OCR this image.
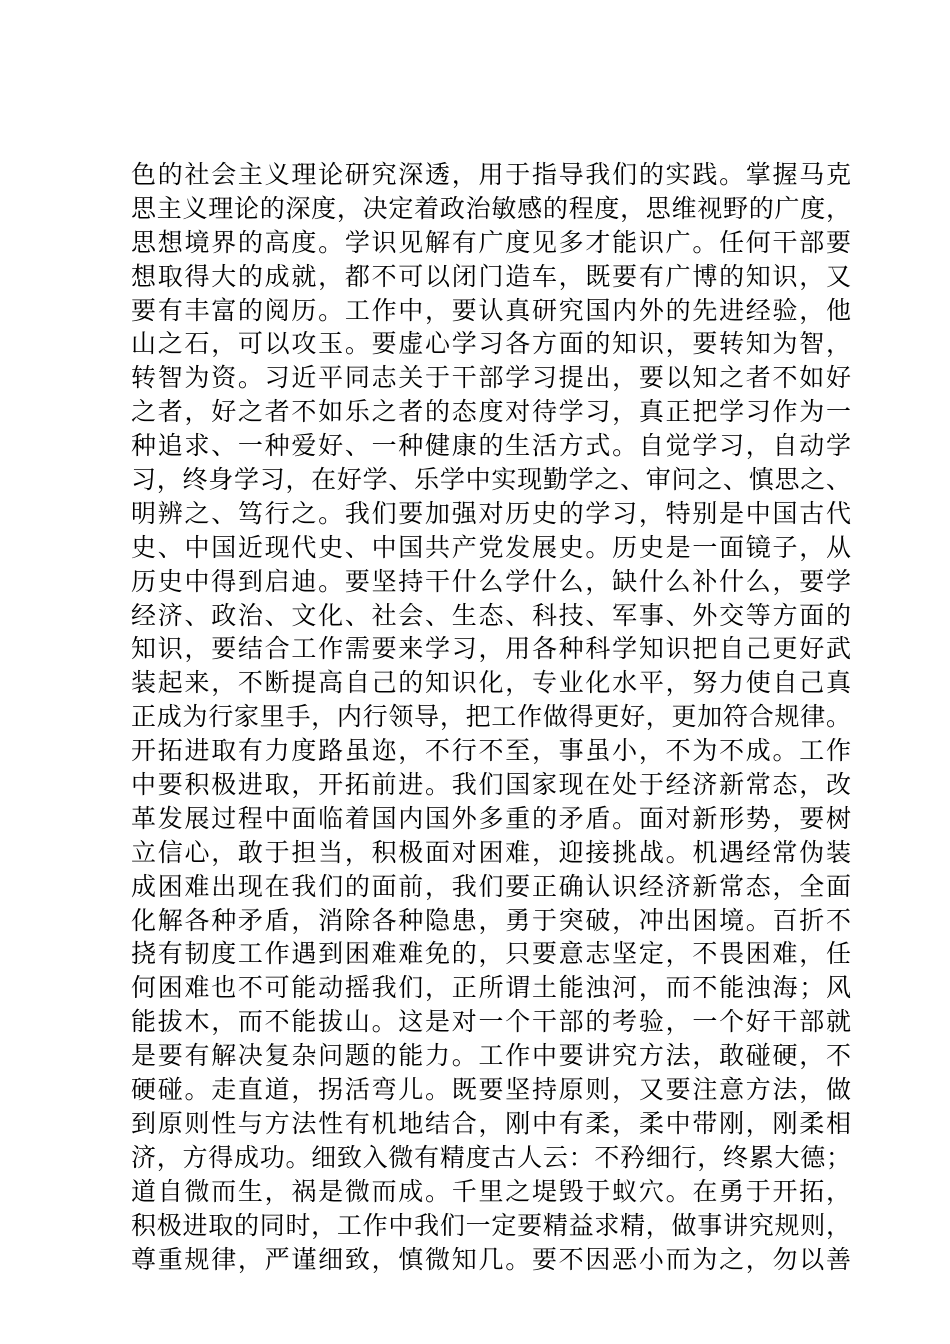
色的社会主义理论研究深透，用于指导我们的实践。掌握马克
思主义理论的深度，决定着政治敏感的程度，思维视野的广度，
思想境界的高度。学识见解有广度见多才能识广。任何干部要
想取得大的成就，都不可以闭门造车，既要有广博的知识，又
要有丰富的阅历。工作中，要认真研究国内外的先进经验，他
山之石，可以攻玉。要虚心学习各方面的知识，要转知为智，
转智为资。习近平同志关于干部学习提出，要以知之者不如好
之者，好之者不如乐之者的态度对待学习，真正把学习作为一
种追求、一种爱好、一种健康的生活方式。自觉学习，自动学
习，终身学习，在好学、乐学中实现勤学之、审问之、慎思之、
明辨之、笃行之。我们要加强对历史的学习，特别是中国古代
史、中国近现代史、中国共产党发展史。历史是一面镜子，从
历史中得到启迪。要坚持干什么学什么，缺什么补什么，要学
经济、政治、文化、社会、生态、科技、军事、外交等方面的
知识，要结合工作需要来学习，用各种科学知识把自己更好武
装起来，不断提高自己的知识化，专业化水平，努力使自己真
正成为行家里手，内行领导，把工作做得更好，更加符合规律。
开拓进取有力度路虽迩，不行不至，事虽小，不为不成。工作
中要积极进取，开拓前进。我们国家现在处于经济新常态，改
革发展过程中面临着国内国外多重的矛盾。面对新形势，要树
立信心，敢于担当，积极面对困难，迎接挑战。机遇经常伪装
成困难出现在我们的面前，我们要正确认识经济新常态，全面
化解各种矛盾，消除各种隐患，勇于突破，冲出困境。百折不
挠有韧度工作遇到困难难免的，只要意志坚定，不畏困难，任
何困难也不可能动摇我们，正所谓土能浊河，而不能浊海；风
能拔木，而不能拔山。这是对一个干部的考验，一个好干部就
是要有解决复杂问题的能力。工作中要讲究方法，敢碰硬，不
硬碰。走直道，拐活弯儿。既要坚持原则，又要注意方法，做
到原则性与方法性有机地结合，刚中有柔，柔中带刚，刚柔相
济，方得成功。细致入微有精度古人云：不矜细行，终累大德；
道自微而生，祸是微而成。千里之堤毁于蚁穴。在勇于开拓，
积极进取的同时，工作中我们一定要精益求精，做事讲究规则，
尊重规律，严谨细致，慎微知几。要不因恶小而为之，勿以善
